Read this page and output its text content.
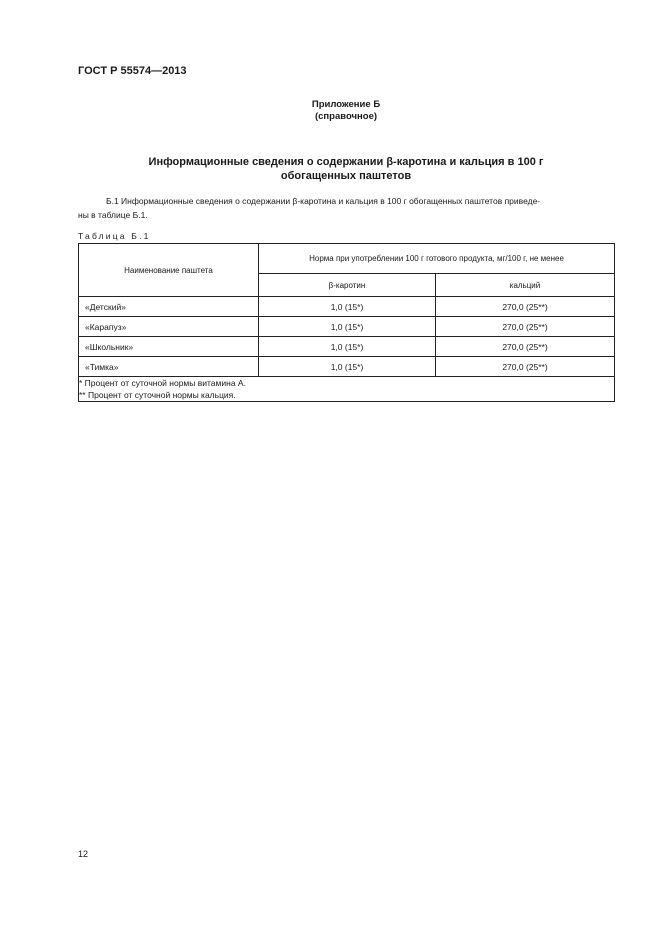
ГОСТ Р 55574—2013
Приложение Б
(справочное)
Информационные сведения о содержании β-каротина и кальция в 100 г
обогащенных паштетов
Б.1 Информационные сведения о содержании β-каротина и кальция в 100 г обогащенных паштетов приведе-
ны в таблице Б.1.
Таблица Б.1
Наименование паштета	Норма при употреблении 100 г готового продукта, мг/100 г, не менее	
	β-каротин	кальций
«Детский»	1,0 (15*)	270,0 (25**)
«Карапуз»	1,0 (15*)	270,0 (25**)
«Школьник»	1,0 (15*)	270,0 (25**)
«Тимка»	1,0 (15*)	270,0 (25**)

* Процент от суточной нормы витамина А.
** Процент от суточной нормы кальция.		
12
